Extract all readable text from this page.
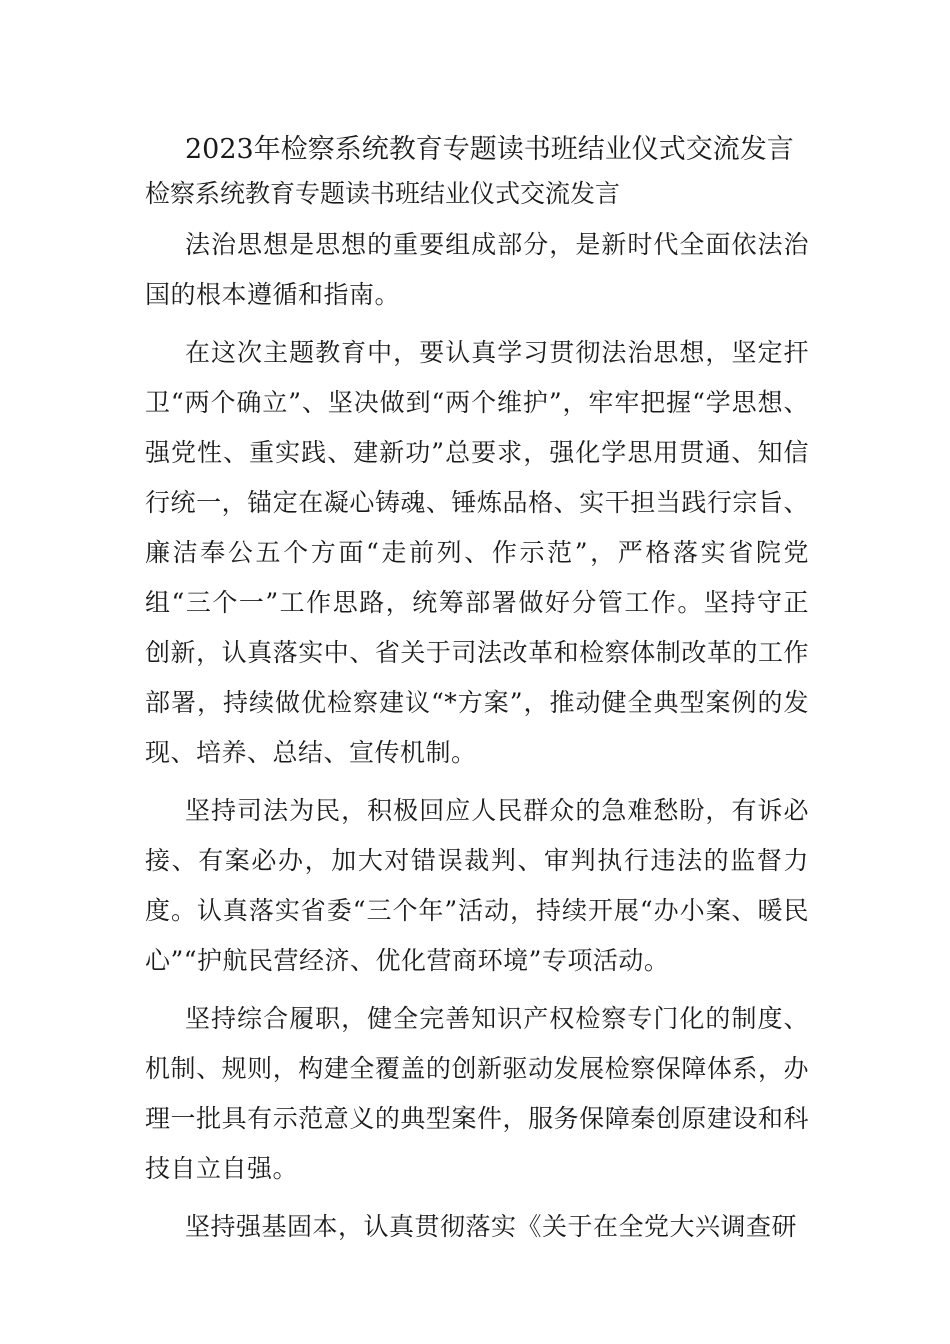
2023年检察系统教育专题读书班结业仪式交流发言
检察系统教育专题读书班结业仪式交流发言

法治思想是思想的重要组成部分，是新时代全面依法治国的根本遵循和指南。

在这次主题教育中，要认真学习贯彻法治思想，坚定扞卫“两个确立”、坚决做到“两个维护”，牢牢把握“学思想、强党性、重实践、建新功”总要求，强化学思用贯通、知信行统一，锚定在凝心铸魂、锤炼品格、实干担当践行宗旨、廉洁奉公五个方面“走前列、作示范”，严格落实省院党组“三个一”工作思路，统筹部署做好分管工作。坚持守正创新，认真落实中、省关于司法改革和检察体制改革的工作部署，持续做优检察建议“*方案”，推动健全典型案例的发现、培养、总结、宣传机制。

坚持司法为民，积极回应人民群众的急难愁盼，有诉必接、有案必办，加大对错误裁判、审判执行违法的监督力度。认真落实省委“三个年”活动，持续开展“办小案、暖民心”“护航民营经济、优化营商环境”专项活动。

坚持综合履职，健全完善知识产权检察专门化的制度、机制、规则，构建全覆盖的创新驱动发展检察保障体系，办理一批具有示范意义的典型案件，服务保障秦创原建设和科技自立自强。

坚持强基固本，认真贯彻落实《关于在全党大兴调查研
